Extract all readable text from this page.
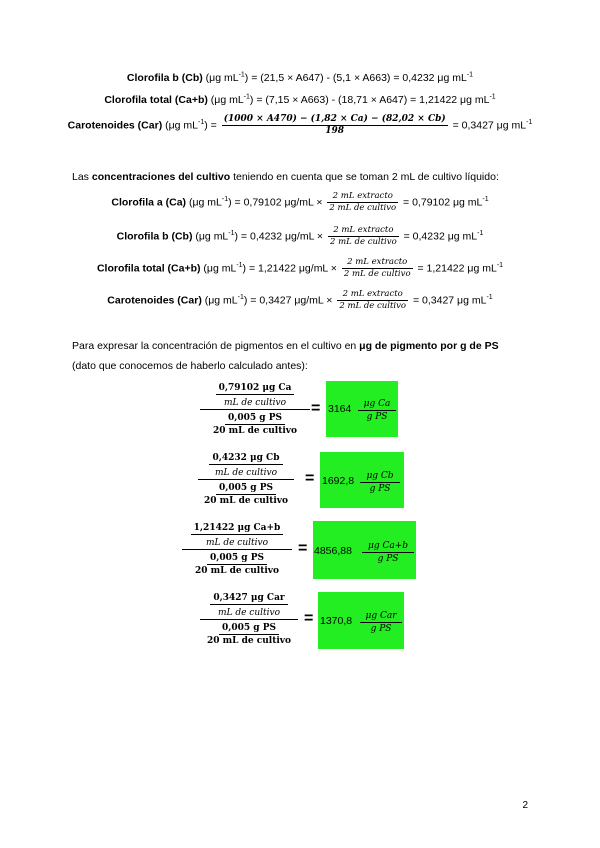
Clorofila b (Cb) (μg $mL^{-1}) = (21,5 \times A647) - (5,1 \times A663) = 0,4232$ μg $mL^{-1}$
Clorofila total (Ca+b) (μg $mL^{-1}) = (7,15 \times A663) - (18,71 \times A647) = 1,21422$ μg $mL^{-1}$
Carotenoides (Car) (μg $mL^{-1}) = \frac{(1000 \times A470) - (1,82 \times Ca) - (82,02 \times Cb)}{198} = 0,3427$ μg $mL^{-1}$
Las concentraciones del cultivo teniendo en cuenta que se toman 2 mL de cultivo líquido:
Clorofila a (Ca) (μg $mL^{-1}) = 0,79102$ $\mu g/mL \times \frac{\text{2 mL extracto}}{\text{2 mL de cultivo}} = 0,79102$ μg $mL^{-1}$
Clorofila b (Cb) (μg $mL^{-1}) = 0,4232$ $\mu g/mL \times \frac{\text{2 mL extracto}}{\text{2 mL de cultivo}} = 0,4232$ μg $mL^{-1}$
Clorofila total (Ca+b) (μg $mL^{-1}) = 1,21422$ $\mu g/mL \times \frac{\text{2 mL extracto}}{\text{2 mL de cultivo}} = 1,21422$ μg $mL^{-1}$
Carotenoides (Car) (μg $mL^{-1}) = 0,3427$ $\mu g/mL \times \frac{\text{2 mL extracto}}{\text{2 mL de cultivo}} = 0,3427$ μg $mL^{-1}$
Para expresar la concentración de pigmentos en el cultivo en μg de pigmento por g de PS
(dato que conocemos de haberlo calculado antes):
0,79102 μg Ca
mL de cultivo
0,005 g PS
20 mL de cultivo
= 3164	μg Ca
g PS
0,4232 μg Cb
mL de cultivo
0,005 g PS
20 mL de cultivo
= 1692,8	μg Cb
g PS
1,21422 μg Ca+b
mL de cultivo
0,005 g PS
20 mL de cultivo
= 4856,88	μg Ca+b
g PS
0,3427 μg Car
mL de cultivo
0,005 g PS
20 mL de cultivo
= 1370,8	μg Car
g PS
2
